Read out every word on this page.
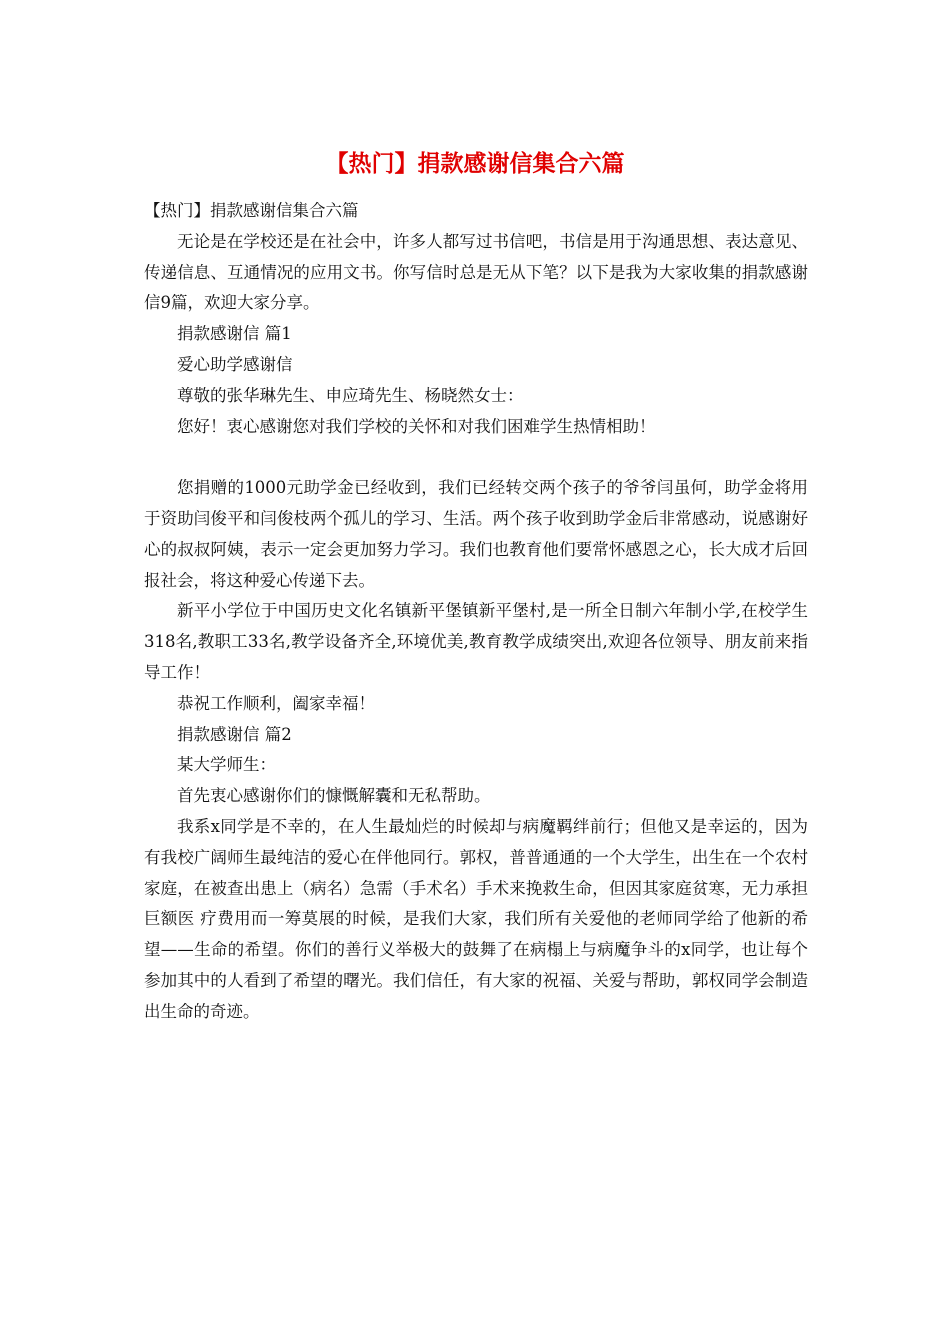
【热门】捐款感谢信集合六篇

【热门】捐款感谢信集合六篇

无论是在学校还是在社会中，许多人都写过书信吧，书信是用于沟通思想、表达意见、传递信息、互通情况的应用文书。你写信时总是无从下笔？以下是我为大家收集的捐款感谢信9篇，欢迎大家分享。

捐款感谢信 篇1

爱心助学感谢信

尊敬的张华琳先生、申应琦先生、杨晓然女士：

您好！衷心感谢您对我们学校的关怀和对我们困难学生热情相助！

您捐赠的1000元助学金已经收到，我们已经转交两个孩子的爷爷闫虽何，助学金将用于资助闫俊平和闫俊枝两个孤儿的学习、生活。两个孩子收到助学金后非常感动，说感谢好心的叔叔阿姨，表示一定会更加努力学习。我们也教育他们要常怀感恩之心，长大成才后回报社会，将这种爱心传递下去。

新平小学位于中国历史文化名镇新平堡镇新平堡村,是一所全日制六年制小学,在校学生318名,教职工33名,教学设备齐全,环境优美,教育教学成绩突出,欢迎各位领导、朋友前来指导工作！

恭祝工作顺利，阖家幸福！

捐款感谢信 篇2

某大学师生：

首先衷心感谢你们的慷慨解囊和无私帮助。

我系x同学是不幸的，在人生最灿烂的时候却与病魔羁绊前行；但他又是幸运的，因为有我校广阔师生最纯洁的爱心在伴他同行。郭权，普普通通的一个大学生，出生在一个农村家庭，在被查出患上（病名）急需（手术名）手术来挽救生命，但因其家庭贫寒，无力承担巨额医 疗费用而一筹莫展的时候，是我们大家，我们所有关爱他的老师同学给了他新的希望——生命的希望。你们的善行义举极大的鼓舞了在病榻上与病魔争斗的x同学，也让每个参加其中的人看到了希望的曙光。我们信任，有大家的祝福、关爱与帮助，郭权同学会制造出生命的奇迹。
